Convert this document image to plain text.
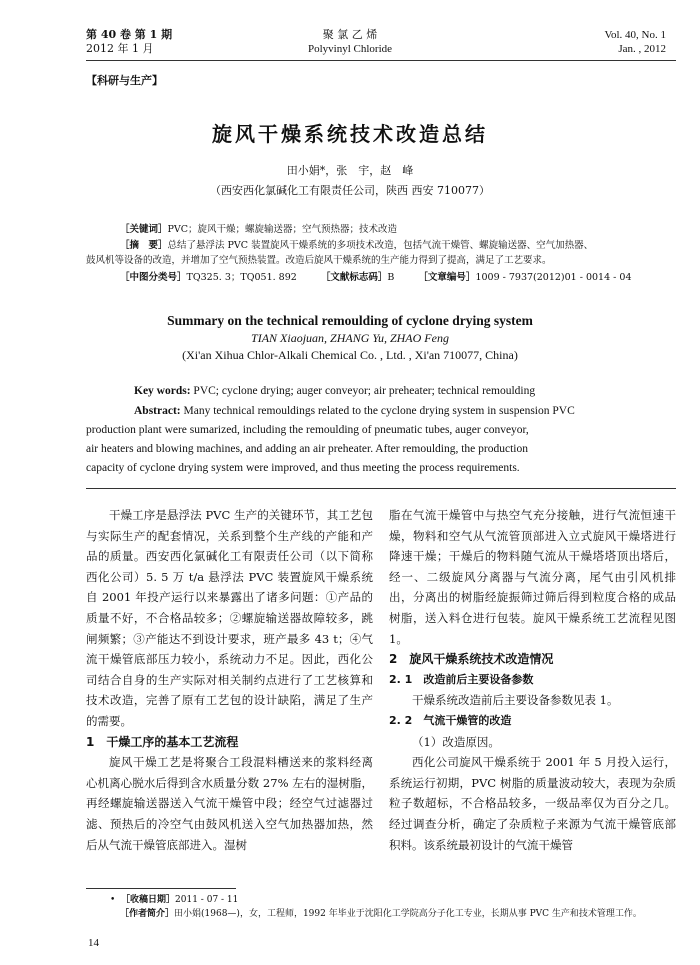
第 40 卷 第 1 期
2012 年 1 月
聚 氯 乙 烯
Polyvinyl Chloride
Vol. 40, No. 1
Jan. , 2012
【科研与生产】
旋风干燥系统技术改造总结
田小娟*，张　宇，赵　峰
（西安西化氯碱化工有限责任公司，陕西 西安 710077）
［关键词］PVC；旋风干燥；螺旋输送器；空气预热器；技术改造
［摘　要］总结了悬浮法 PVC 装置旋风干燥系统的多项技术改造，包括气流干燥管、螺旋输送器、空气加热器、
鼓风机等设备的改造，并增加了空气预热装置。改造后旋风干燥系统的生产能力得到了提高，满足了工艺要求。
［中图分类号］TQ325. 3；TQ051. 892	［文献标志码］B	［文章编号］1009 - 7937(2012)01 - 0014 - 04
Summary on the technical remoulding of cyclone drying system
TIAN Xiaojuan, ZHANG Yu, ZHAO Feng
(Xi'an Xihua Chlor-Alkali Chemical Co. , Ltd. , Xi'an 710077, China)
Key words: PVC; cyclone drying; auger conveyor; air preheater; technical remoulding
Abstract: Many technical remouldings related to the cyclone drying system in suspension PVC
production plant were sumarized, including the remoulding of pneumatic tubes, auger conveyor,
air heaters and blowing machines, and adding an air preheater. After remoulding, the production
capacity of cyclone drying system were improved, and thus meeting the process requirements.

干燥工序是悬浮法 PVC 生产的关键环节，其工艺包与实际生产的配套情况，关系到整个生产线的产能和产品的质量。西安西化氯碱化工有限责任公司（以下简称西化公司）5. 5 万 t/a 悬浮法 PVC 装置旋风干燥系统自 2001 年投产运行以来暴露出了诸多问题：①产品的质量不好，不合格品较多；②螺旋输送器故障较多，跳闸频繁；③产能达不到设计要求，班产最多 43 t；④气流干燥管底部压力较小，系统动力不足。因此，西化公司结合自身的生产实际对相关制约点进行了工艺核算和技术改造，完善了原有工艺包的设计缺陷，满足了生产的需要。

1　干燥工序的基本工艺流程

旋风干燥工艺是将聚合工段混料槽送来的浆料经离心机离心脱水后得到含水质量分数 27% 左右的湿树脂，再经螺旋输送器送入气流干燥管中段；经空气过滤器过滤、预热后的冷空气由鼓风机送入空气加热器加热，然后从气流干燥管底部进入。湿树

脂在气流干燥管中与热空气充分接触，进行气流恒速干燥，物料和空气从气流管顶部进入立式旋风干燥塔进行降速干燥；干燥后的物料随气流从干燥塔塔顶出塔后，经一、二级旋风分离器与气流分离，尾气由引风机排出，分离出的树脂经旋振筛过筛后得到粒度合格的成品树脂，送入料仓进行包装。旋风干燥系统工艺流程见图 1。

2　旋风干燥系统技术改造情况

2. 1　改造前后主要设备参数

干燥系统改造前后主要设备参数见表 1。

2. 2　气流干燥管的改造

（1）改造原因。

西化公司旋风干燥系统于 2001 年 5 月投入运行，系统运行初期，PVC 树脂的质量波动较大，表现为杂质粒子数超标，不合格品较多，一级品率仅为百分之几。经过调查分析，确定了杂质粒子来源为气流干燥管底部积料。该系统最初设计的气流干燥管

•  ［收稿日期］2011 - 07 - 11
［作者简介］田小娟(1968—)，女，工程师，1992 年毕业于沈阳化工学院高分子化工专业，长期从事 PVC 生产和技术管理工作。
14
